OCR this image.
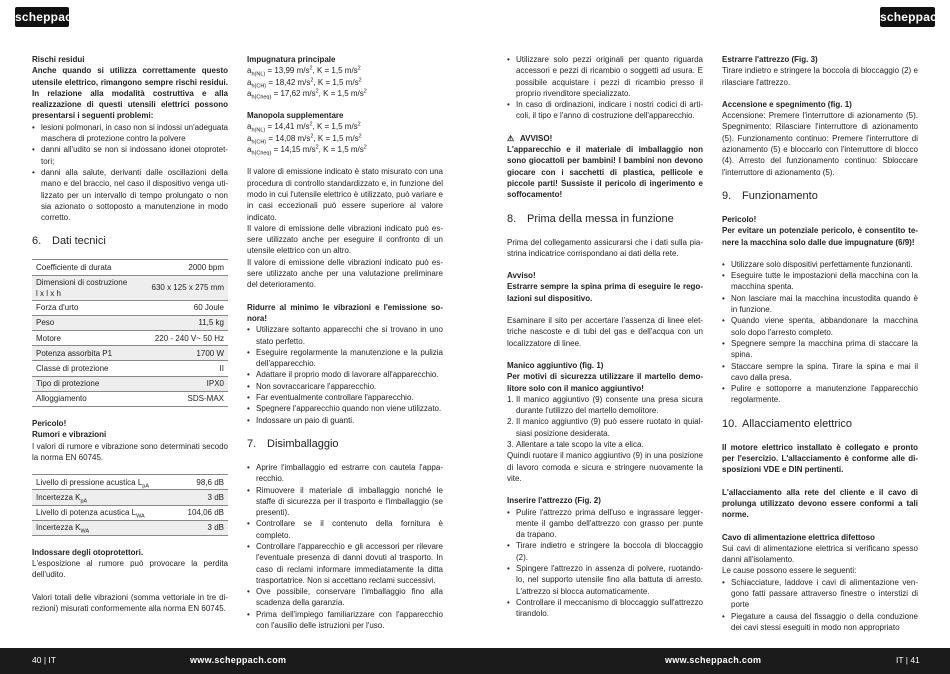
scheppach	scheppach

Rischi residui

Anche quando si utilizza correttamente questo utensile elettrico, rimangono sempre rischi residui. In relazione alla modalità costruttiva e alla realizzazione di questi utensili elettrici possono presentarsi i seguenti problemi:

• lesioni polmonari, in caso non si indossi un'adeguata maschera di protezione contro la polvere
• danni all'udito se non si indossano idonei otoprotettori;
• danni alla salute, derivanti dalle oscillazioni della mano e del braccio, nel caso il dispositivo venga utilizzato per un intervallo di tempo prolungato o non sia azionato o sottoposto a manutenzione in modo corretto.
6. Dati tecnici
Coefficiente di durata	2000 bpm
Dimensioni di costruzione
l x l x h	630 x 125 x 275 mm
Forza d'urto	60 Joule
Peso	11,5 kg
Motore	220 - 240 V~ 50 Hz
Potenza assorbita P1	1700 W
Classe di protezione	II
Tipo di protezione	IPX0
Alloggiamento	SDS-MAX

Pericolo!

Rumori e vibrazioni

I valori di rumore e vibrazione sono determinati secodo la norma EN 60745.

Livello di pressione acustica $L_{pA}$	98,6 dB
Incertezza $K_{pA}$	3 dB
Livello di potenza acustica $L_{WA}$	104,06 dB
Incertezza $K_{WA}$	3 dB

Indossare degli otoprotettori.

L'esposizione al rumore può provocare la perdita dell'udito.

Valori totali delle vibrazioni (somma vettoriale in tre direzioni) misurati conformemente alla norma EN 60745.

Impugnatura principale

$a_{h(NL)} = 13,99$ $m/s^2$, K = 1,5 $m/s^2$

$a_{h(CH)} = 18,42$ $m/s^2$, K = 1,5 $m/s^2$

$a_{h(Cheq)} = 17,62$ $m/s^2$, K = 1,5 $m/s^2$

Manopola supplementare

$a_{h(NL)} = 14,41$ $m/s^2$, K = 1,5 $m/s^2$

$a_{h(CH)} = 14,08$ $m/s^2$, K = 1,5 $m/s^2$

$a_{h(Cheq)} = 14,15$ $m/s^2$, K = 1,5 $m/s^2$

Il valore di emissione indicato è stato misurato con una procedura di controllo standardizzato e, in funzione del modo in cui l'utensile elettrico è utilizzato, può variare e in casi eccezionali può essere superiore al valore indicato.

Il valore di emissione delle vibrazioni indicato può essere utilizzato anche per eseguire il confronto di un utensile elettrico con un altro.

Il valore di emissione delle vibrazioni indicato può essere utilizzato anche per una valutazione preliminare del deterioramento.

Ridurre al minimo le vibrazioni e l'emissione sonora!

• Utilizzare soltanto apparecchi che si trovano in uno stato perfetto.
• Eseguire regolarmente la manutenzione e la pulizia dell'apparecchio.
• Adattare il proprio modo di lavorare all'apparecchio.
• Non sovraccaricare l'apparecchio.
• Far eventualmente controllare l'apparecchio.
• Spegnere l'apparecchio quando non viene utilizzato.
• Indossare un paio di guanti.
7. Disimballaggio
• Aprire l'imballaggio ed estrarre con cautela l'apparecchio.
• Rimuovere il materiale di imballaggio nonché le staffe di sicurezza per il trasporto e l'imballaggio (se presenti).
• Controllare se il contenuto della fornitura è completo.
• Controllare l'apparecchio e gli accessori per rilevare l'eventuale presenza di danni dovuti al trasporto. In caso di reclami informare immediatamente la ditta trasportatrice. Non si accettano reclami successivi.
• Ove possibile, conservare l'imballaggio fino alla scadenza della garanzia.
• Prima dell'impiego familiarizzare con l'apparecchio con l'ausilio delle istruzioni per l'uso.
• Utilizzare solo pezzi originali per quanto riguarda accessori e pezzi di ricambio o soggetti ad usura. E possibile acquistare i pezzi di ricambio presso il proprio rivenditore specializzato.
• In caso di ordinazioni, indicare i nostri codici di articoli, il tipo e l'anno di costruzione dell'apparecchio.

⚠ AVVISO!

L'apparecchio e il materiale di imballaggio non sono giocattoli per bambini! I bambini non devono giocare con i sacchetti di plastica, pellicole e piccole parti! Sussiste il pericolo di ingerimento e soffocamento!

8. Prima della messa in funzione

Prima del collegamento assicurarsi che i dati sulla piastrina indicatrice corrispondano ai dati della rete.

Avviso!

Estrarre sempre la spina prima di eseguire le regolazioni sul dispositivo.

Esaminare il sito per accertare l'assenza di linee elettriche nascoste e di tubi del gas e dell'acqua con un localizzatore di linee.

Manico aggiuntivo (fig. 1)

Per motivi di sicurezza utilizzare il martello demolitore solo con il manico aggiuntivo!

1. Il manico aggiuntivo (9) consente una presa sicura durante l'utilizzo del martello demolitore.
2. Il manico aggiuntivo (9) può essere ruotato in quialsiasi posizione desiderata.
3. Allentare a tale scopo la vite a elica.

Quindi ruotare il manico aggiuntivo (9) in una posizione di lavoro comoda e sicura e stringere nuovamente la vite.

Inserire l'attrezzo (Fig. 2)

• Pulire l'attrezzo prima dell'uso e ingrassare leggermente il gambo dell'attrezzo con grasso per punte da trapano.
• Tirare indietro e stringere la boccola di bloccaggio (2).
• Spingere l'attrezzo in assenza di polvere, ruotandolo, nel supporto utensile fino alla battuta di arresto. L'attrezzo si blocca automaticamente.
• Controllare il meccanismo di bloccaggio sull'attrezzo tirandolo.

Estrarre l'attrezzo (Fig. 3)

Tirare indietro e stringere la boccola di bloccaggio (2) e rilasciare l'attrezzo.

Accensione e spegnimento (fig. 1)

Accensione: Premere l'interruttore di azionamento (5). Spegnimento: Rilasciare l'interruttore di azionamento (5). Funzionamento continuo: Premere l'interruttore di azionamento (5) e bloccarlo con l'interruttore di blocco (4). Arresto del funzionamento continuo: Sbloccare l'interruttore di azionamento (5).

9. Funzionamento

Pericolo!

Per evitare un potenziale pericolo, è consentito tenere la macchina solo dalle due impugnature (6/9)!

• Utilizzare solo dispositivi perfettamente funzionanti.
• Eseguire tutte le impostazioni della macchina con la macchina spenta.
• Non lasciare mai la macchina incustodita quando è in funzione.
• Quando viene spenta, abbandonare la macchina solo dopo l'arresto completo.
• Spegnere sempre la macchina prima di staccare la spina.
• Staccare sempre la spina. Tirare la spina e mai il cavo dalla presa.
• Pulire e sottoporre a manutenzione l'apparecchio regolarmente.
10. Allacciamento elettrico

Il motore elettrico installato è collegato e pronto per l'esercizio. L'allacciamento è conforme alle disposizioni VDE e DIN pertinenti.

L'allacciamento alla rete del cliente e il cavo di prolunga utilizzato devono essere conformi a tali norme.

Cavo di alimentazione elettrica difettoso

Sui cavi di alimentazione elettrica si verificano spesso danni all'isolamento.

Le cause possono essere le seguenti:

• Schiacciature, laddove i cavi di alimentazione vengono fatti passare attraverso finestre o interstizi di porte
• Piegature a causa del fissaggio o della conduzione dei cavi stessi eseguiti in modo non appropriato
40 | IT	www.scheppach.com	www.scheppach.com	IT | 41
